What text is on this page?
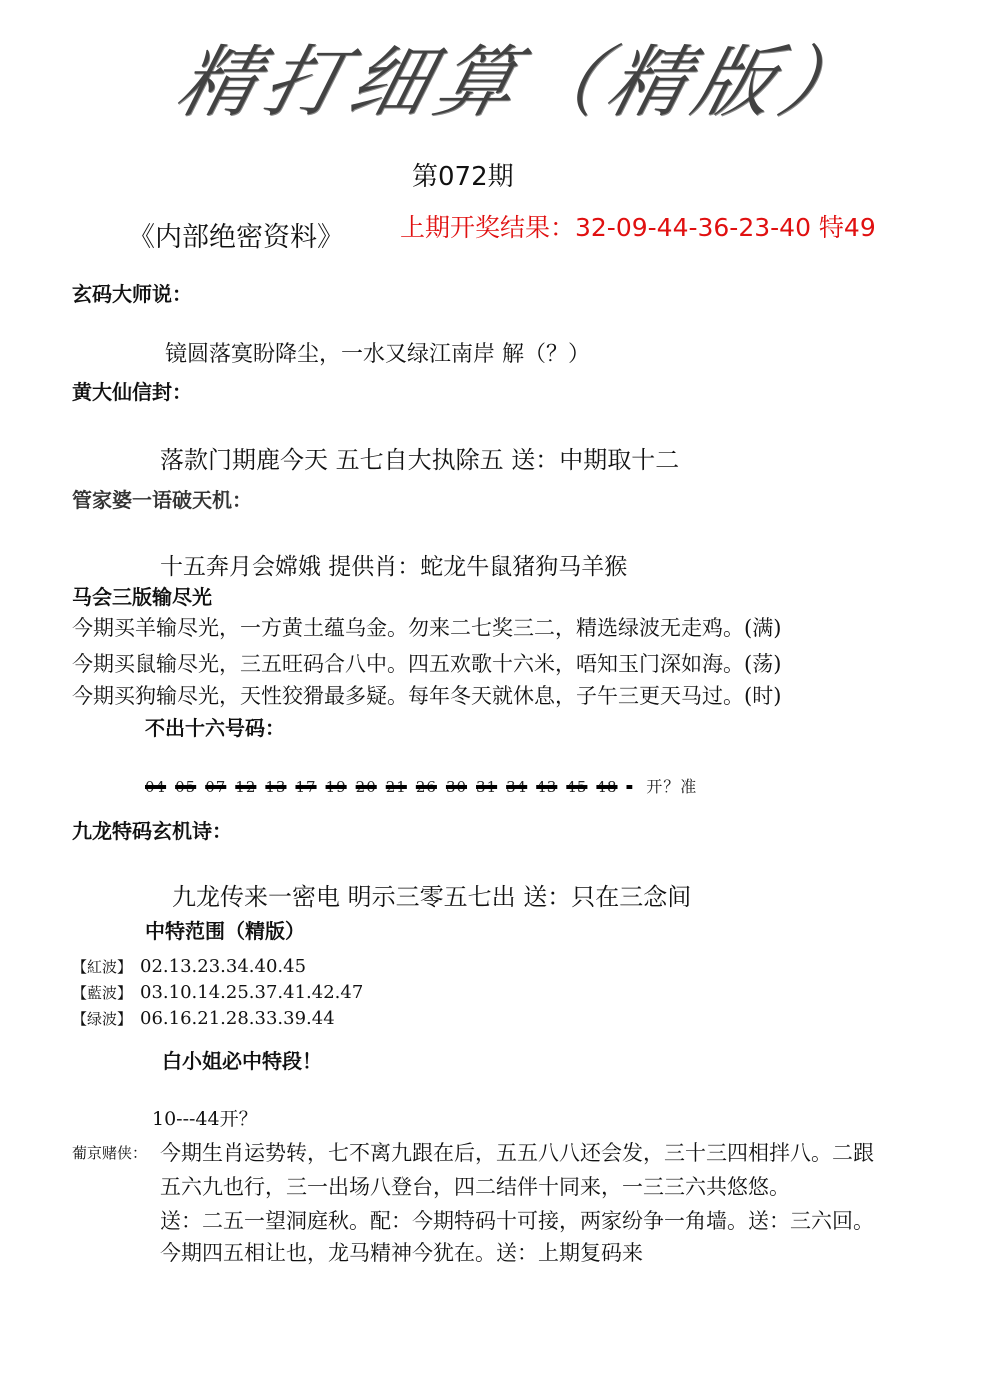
精打细算（精版）
第072期
《内部绝密资料》 上期开奖结果：32-09-44-36-23-40 特49
玄码大师说：
镜圆落寞盼降尘，一水又绿江南岸 解（？）
黄大仙信封：
落款门期鹿今天 五七自大执除五 送：中期取十二
管家婆一语破天机：
十五奔月会嫦娥 提供肖：蛇龙牛鼠猪狗马羊猴
马会三版输尽光
今期买羊输尽光，一方黄土蕴乌金。勿来二七奖三二，精选绿波无走鸡。(满)
今期买鼠输尽光，三五旺码合八中。四五欢歌十六米，唔知玉门深如海。(荡)
今期买狗输尽光，天性狡猾最多疑。每年冬天就休息，子午三更天马过。(时)
不出十六号码：
04 05 07 12 13 17 19 20 21 26 30 31 34 43 45 48 开？准
九龙特码玄机诗：
九龙传来一密电 明示三零五七出 送：只在三念间
中特范围（精版）
【紅波】 02.13.23.34.40.45
【藍波】 03.10.14.25.37.41.42.47
【绿波】 06.16.21.28.33.39.44
白小姐必中特段！
10---44开？
葡京赌侠： 今期生肖运势转，七不离九跟在后，五五八八还会发，三十三四相拌八。二跟
五六九也行，三一出场八登台，四二结伴十同来，一三三六共悠悠。
送：二五一望洞庭秋。配：今期特码十可接，两家纷争一角墙。送：三六回。
今期四五相让也，龙马精神今犹在。送：上期复码来
